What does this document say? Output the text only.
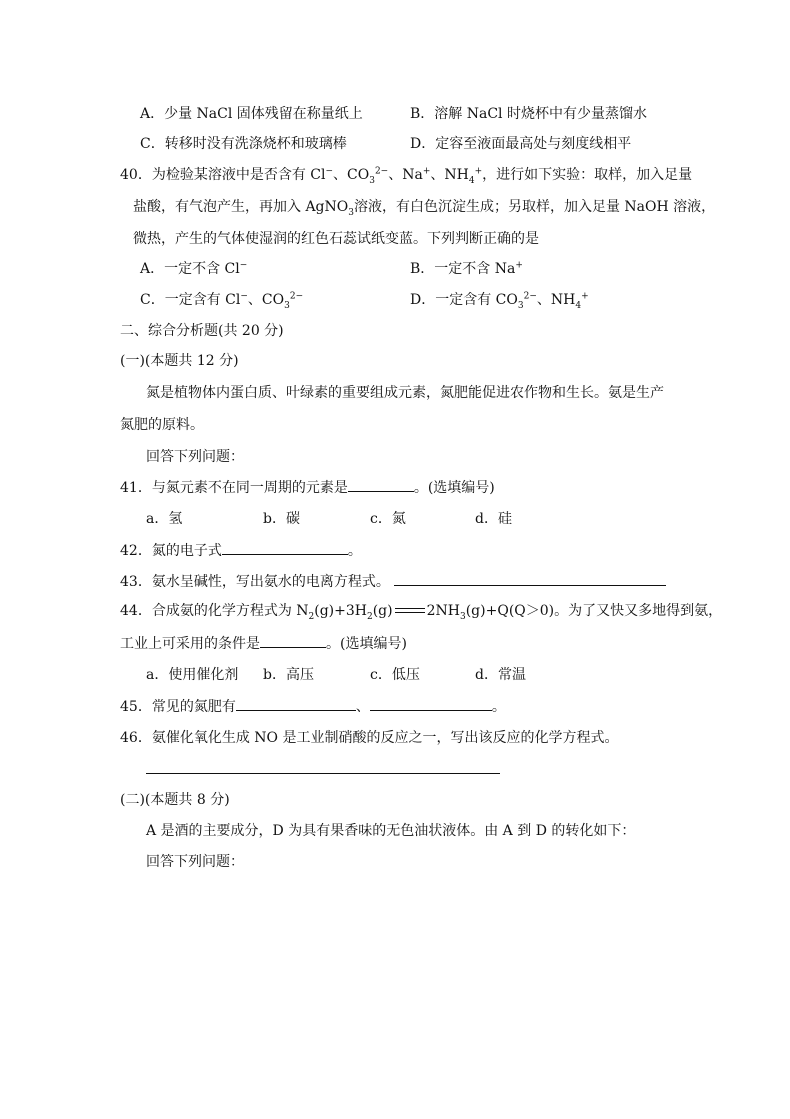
A．少量 NaCl 固体残留在称量纸上	B．溶解 NaCl 时烧杯中有少量蒸馏水
C．转移时没有洗涤烧杯和玻璃棒	D．定容至液面最高处与刻度线相平
40．为检验某溶液中是否含有 Cl−、$CO_3^{2-}$、Na+、$NH_4^+$，进行如下实验：取样，加入足量
盐酸，有气泡产生，再加入 AgNO$_3$溶液，有白色沉淀生成；另取样，加入足量 NaOH 溶液，
微热，产生的气体使湿润的红色石蕊试纸变蓝。下列判断正确的是
A．一定不含 Cl−	B．一定不含 Na+
C．一定含有 Cl−、$CO_3^{2-}$	D．一定含有 $CO_3^{2-}$、$NH_4^+$
二、综合分析题(共 20 分)
(一)(本题共 12 分)
氮是植物体内蛋白质、叶绿素的重要组成元素，氮肥能促进农作物和生长。氨是生产
氮肥的原料。
回答下列问题：
41．与氮元素不在同一周期的元素是	。(选填编号)
a．氢	b．碳	c．氮	d．硅
42．氮的电子式	。
43．氨水呈碱性，写出氨水的电离方程式。
44．合成氨的化学方程式为 $N_2(g)+3H_2(g)$ $2NH_3(g)+Q(Q>0)$。为了又快又多地得到氨，
工业上可采用的条件是	。(选填编号)
a．使用催化剂 b．高压	c．低压	d．常温
45．常见的氮肥有	、	。
46．氨催化氧化生成 NO 是工业制硝酸的反应之一，写出该反应的化学方程式。
(二)(本题共 8 分)
A 是酒的主要成分，D 为具有果香味的无色油状液体。由 A 到 D 的转化如下：
回答下列问题：
